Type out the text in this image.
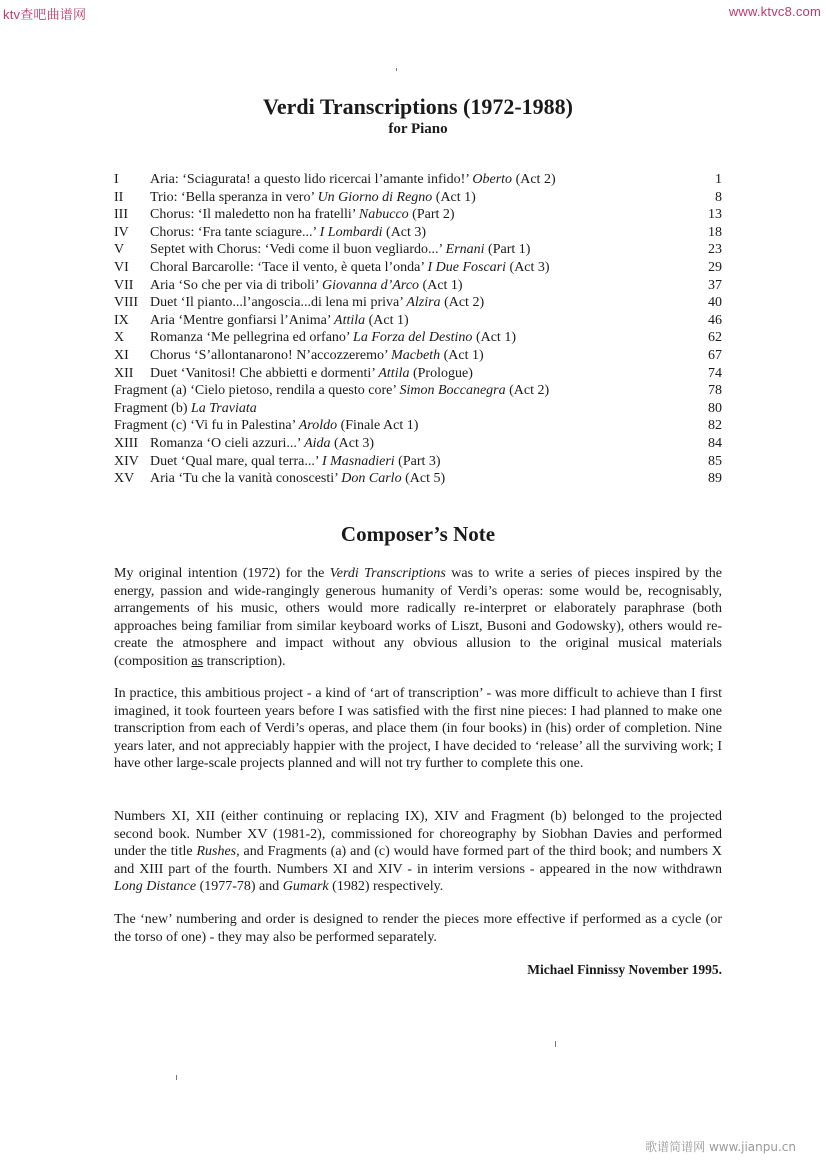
ktv查吧曲谱网	www.ktvc8.com
Verdi Transcriptions (1972-1988)
for Piano
I Aria: ‘Sciagurata! a questo lido ricercai l’amante infido!’ Oberto (Act 2)	1
II Trio: ‘Bella speranza in vero’ Un Giorno di Regno (Act 1)	8
III Chorus: ‘Il maledetto non ha fratelli’ Nabucco (Part 2)	13
IV Chorus: ‘Fra tante sciagure...’ I Lombardi (Act 3)	18
V Septet with Chorus: ‘Vedi come il buon vegliardo...’ Ernani (Part 1)	23
VI Choral Barcarolle: ‘Tace il vento, è queta l’onda’ I Due Foscari (Act 3)	29
VII Aria ‘So che per via di triboli’ Giovanna d’Arco (Act 1)	37
VIII Duet ‘Il pianto...l’angoscia...di lena mi priva’ Alzira (Act 2)	40
IX Aria ‘Mentre gonfiarsi l’Anima’ Attila (Act 1)	46
X Romanza ‘Me pellegrina ed orfano’ La Forza del Destino (Act 1)	62
XI Chorus ‘S’allontanarono! N’accozzeremo’ Macbeth (Act 1)	67
XII Duet ‘Vanitosi! Che abbietti e dormenti’ Attila (Prologue)	74
Fragment (a) ‘Cielo pietoso, rendila a questo core’ Simon Boccanegra (Act 2)	78
Fragment (b) La Traviata	80
Fragment (c) ‘Vi fu in Palestina’ Aroldo (Finale Act 1)	82
XIII Romanza ‘O cieli azzuri...’ Aida (Act 3)	84
XIV Duet ‘Qual mare, qual terra...’ I Masnadieri (Part 3)	85
XV Aria ‘Tu che la vanità conoscesti’ Don Carlo (Act 5)	89
Composer’s Note

My original intention (1972) for the Verdi Transcriptions was to write a series of pieces inspired by the energy, passion and wide-rangingly generous humanity of Verdi’s operas: some would be, recognisably, arrangements of his music, others would more radically re-interpret or elaborately paraphrase (both approaches being familiar from similar keyboard works of Liszt, Busoni and Godowsky), others would re-create the atmosphere and impact without any obvious allusion to the original musical materials (composition as transcription).

In practice, this ambitious project - a kind of ‘art of transcription’ - was more difficult to achieve than I first imagined, it took fourteen years before I was satisfied with the first nine pieces: I had planned to make one transcription from each of Verdi’s operas, and place them (in four books) in (his) order of completion. Nine years later, and not appreciably happier with the project, I have decided to ‘release’ all the surviving work; I have other large-scale projects planned and will not try further to complete this one.

Numbers XI, XII (either continuing or replacing IX), XIV and Fragment (b) belonged to the projected second book. Number XV (1981-2), commissioned for choreography by Siobhan Davies and performed under the title Rushes, and Fragments (a) and (c) would have formed part of the third book; and numbers X and XIII part of the fourth. Numbers XI and XIV - in interim versions - appeared in the now withdrawn Long Distance (1977-78) and Gumark (1982) respectively.

The ‘new’ numbering and order is designed to render the pieces more effective if performed as a cycle (or the torso of one) - they may also be performed separately.

Michael Finnissy November 1995.
歌谱简谱网 www.jianpu.cn
